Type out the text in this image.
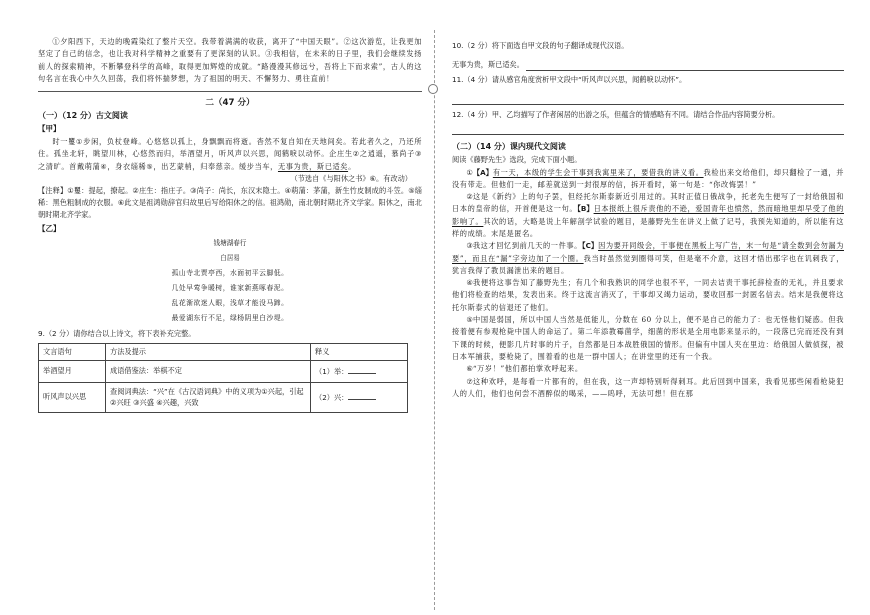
①夕阳西下，天边的晚霞染红了整片天空。我带着满满的收获，离开了“中国天眼”。②这次游览，让我更加坚定了自己的信念，也让我对科学精神之重要有了更深刻的认识。③我相信，在未来的日子里，我们会继续发扬前人的探索精神，不断攀登科学的高峰，取得更加辉煌的成就。“路漫漫其修远兮，吾将上下而求索”，古人的这句名言在我心中久久回荡，我们将怀揣梦想，为了祖国的明天、不懈努力、勇往直前！
二（47 分）
（一）（12 分）古文阅读
【甲】
时一矍①步闲，负杖登峰。心悠悠以孤上，身飘飘而将逝。杳然不复自知在天地间矣。若此者久之，乃还所住。孤坐北轩，眺望川林，心悠然而归，举酒望月，听风声以兴思，闻鹤唳以动怀。企庄生②之逍遥，慕尚子③之清旷。首戴萌蒲④，身衣缁稀⑤，出艺蒙梢，归奉慈亲。缓步当车，无事为贵，斯已适矣。
（节选自《与阳休之书》⑥。有改动）
【注释】①矍：提起，撩起。②庄生：指庄子。③尚子：尚长，东汉末隐士。④萌蒲：茅蒲，新生竹皮制成的斗笠。⑤缁稀：黑色粗制成的衣服。⑥此文是祖鸿勋辞官归故里后写给阳休之的信。祖鸿勋，南北朝时期北齐文学家。阳休之，南北朝时期北齐学家。
【乙】
钱塘湖春行
白居易
孤山寺北贾亭西，水面初平云脚低。
几处早莺争暖树，谁家新燕啄春泥。
乱花渐欲迷人眼，浅草才能没马蹄。
最爱湖东行不足，绿杨阴里白沙堤。
9.（2 分）请你结合以上诗文，将下表补充完整。
文言语句	方法及提示	释义
举酒望月	成语借鉴法：举棋不定	（1）举：
听风声以兴思	查阅词典法：“兴”在《古汉语词典》中的义项为①兴起，引起 ②兴旺 ③兴盛 ④兴趣，兴致	（2）兴：
10.（2 分）将下面选自甲文段的句子翻译成现代汉语。
无事为贵，斯已适矣。
11.（4 分）请从感官角度赏析甲文段中“听风声以兴思，闻鹤唳以动怀”。
12.（4 分）甲、乙均描写了作者闲居的出游之乐，但蕴含的情感略有不同。请结合作品内容简要分析。
（二）（14 分）课内现代文阅读
阅读《藤野先生》选段，完成下面小题。
①【A】有一天，本级的学生会干事到我寓里来了，要借我的讲义看。我检出来交给他们，却只翻检了一通，并没有带走。但他们一走，邮差就送到一封很厚的信，拆开看时，第一句是：“你改悔罢！”
②这是《新约》上的句子罢，但经托尔斯泰新近引用过的。其时正值日俄战争，托老先生便写了一封给俄国和日本的皇帝的信，开首便是这一句。【B】日本报纸上很斥责他的不逊，爱国青年也愤然，然而暗地里却早受了他的影响了。其次的话，大略是说上年解剖学试验的题目，是藤野先生在讲义上做了记号，我预先知道的，所以能有这样的成绩。末尾是匿名。
③我这才回忆到前几天的一件事。【C】因为要开同级会，干事便在黑板上写广告，末一句是“请全数到会勿漏为要”，而且在“漏”字旁边加了一个圈。我当时虽然觉到圈得可笑，但是毫不介意，这回才悟出那字也在讥刺我了，犹言我得了教员漏泄出来的题目。
④我便将这事告知了藤野先生；有几个和我熟识的同学也很不平，一同去诘责干事托辞检查的无礼，并且要求他们将检查的结果，发表出来。终于这流言消灭了，干事却又竭力运动，要收回那一封匿名信去。结末是我便将这托尔斯泰式的信退还了他们。
⑤中国是弱国，所以中国人当然是低能儿，分数在 60 分以上，便不是自己的能力了：也无怪他们疑惑。但我接着便有参观枪毙中国人的命运了。第二年添教霉菌学，细菌的形状是全用电影来显示的，一段落已完而还没有到下课的时候，便影几片时事的片子，自然都是日本战胜俄国的情形。但偏有中国人夹在里边：给俄国人做侦探，被日本军捕获，要枪毙了，围着看的也是一群中国人；在讲堂里的还有一个我。
⑥“万岁！”他们都拍掌欢呼起来。
⑦这种欢呼，是每看一片都有的，但在我，这一声却特别听得刺耳。此后回到中国来，我看见那些闲看枪毙犯人的人们，他们也何尝不酒醉似的喝采，——呜呼，无法可想！但在那
